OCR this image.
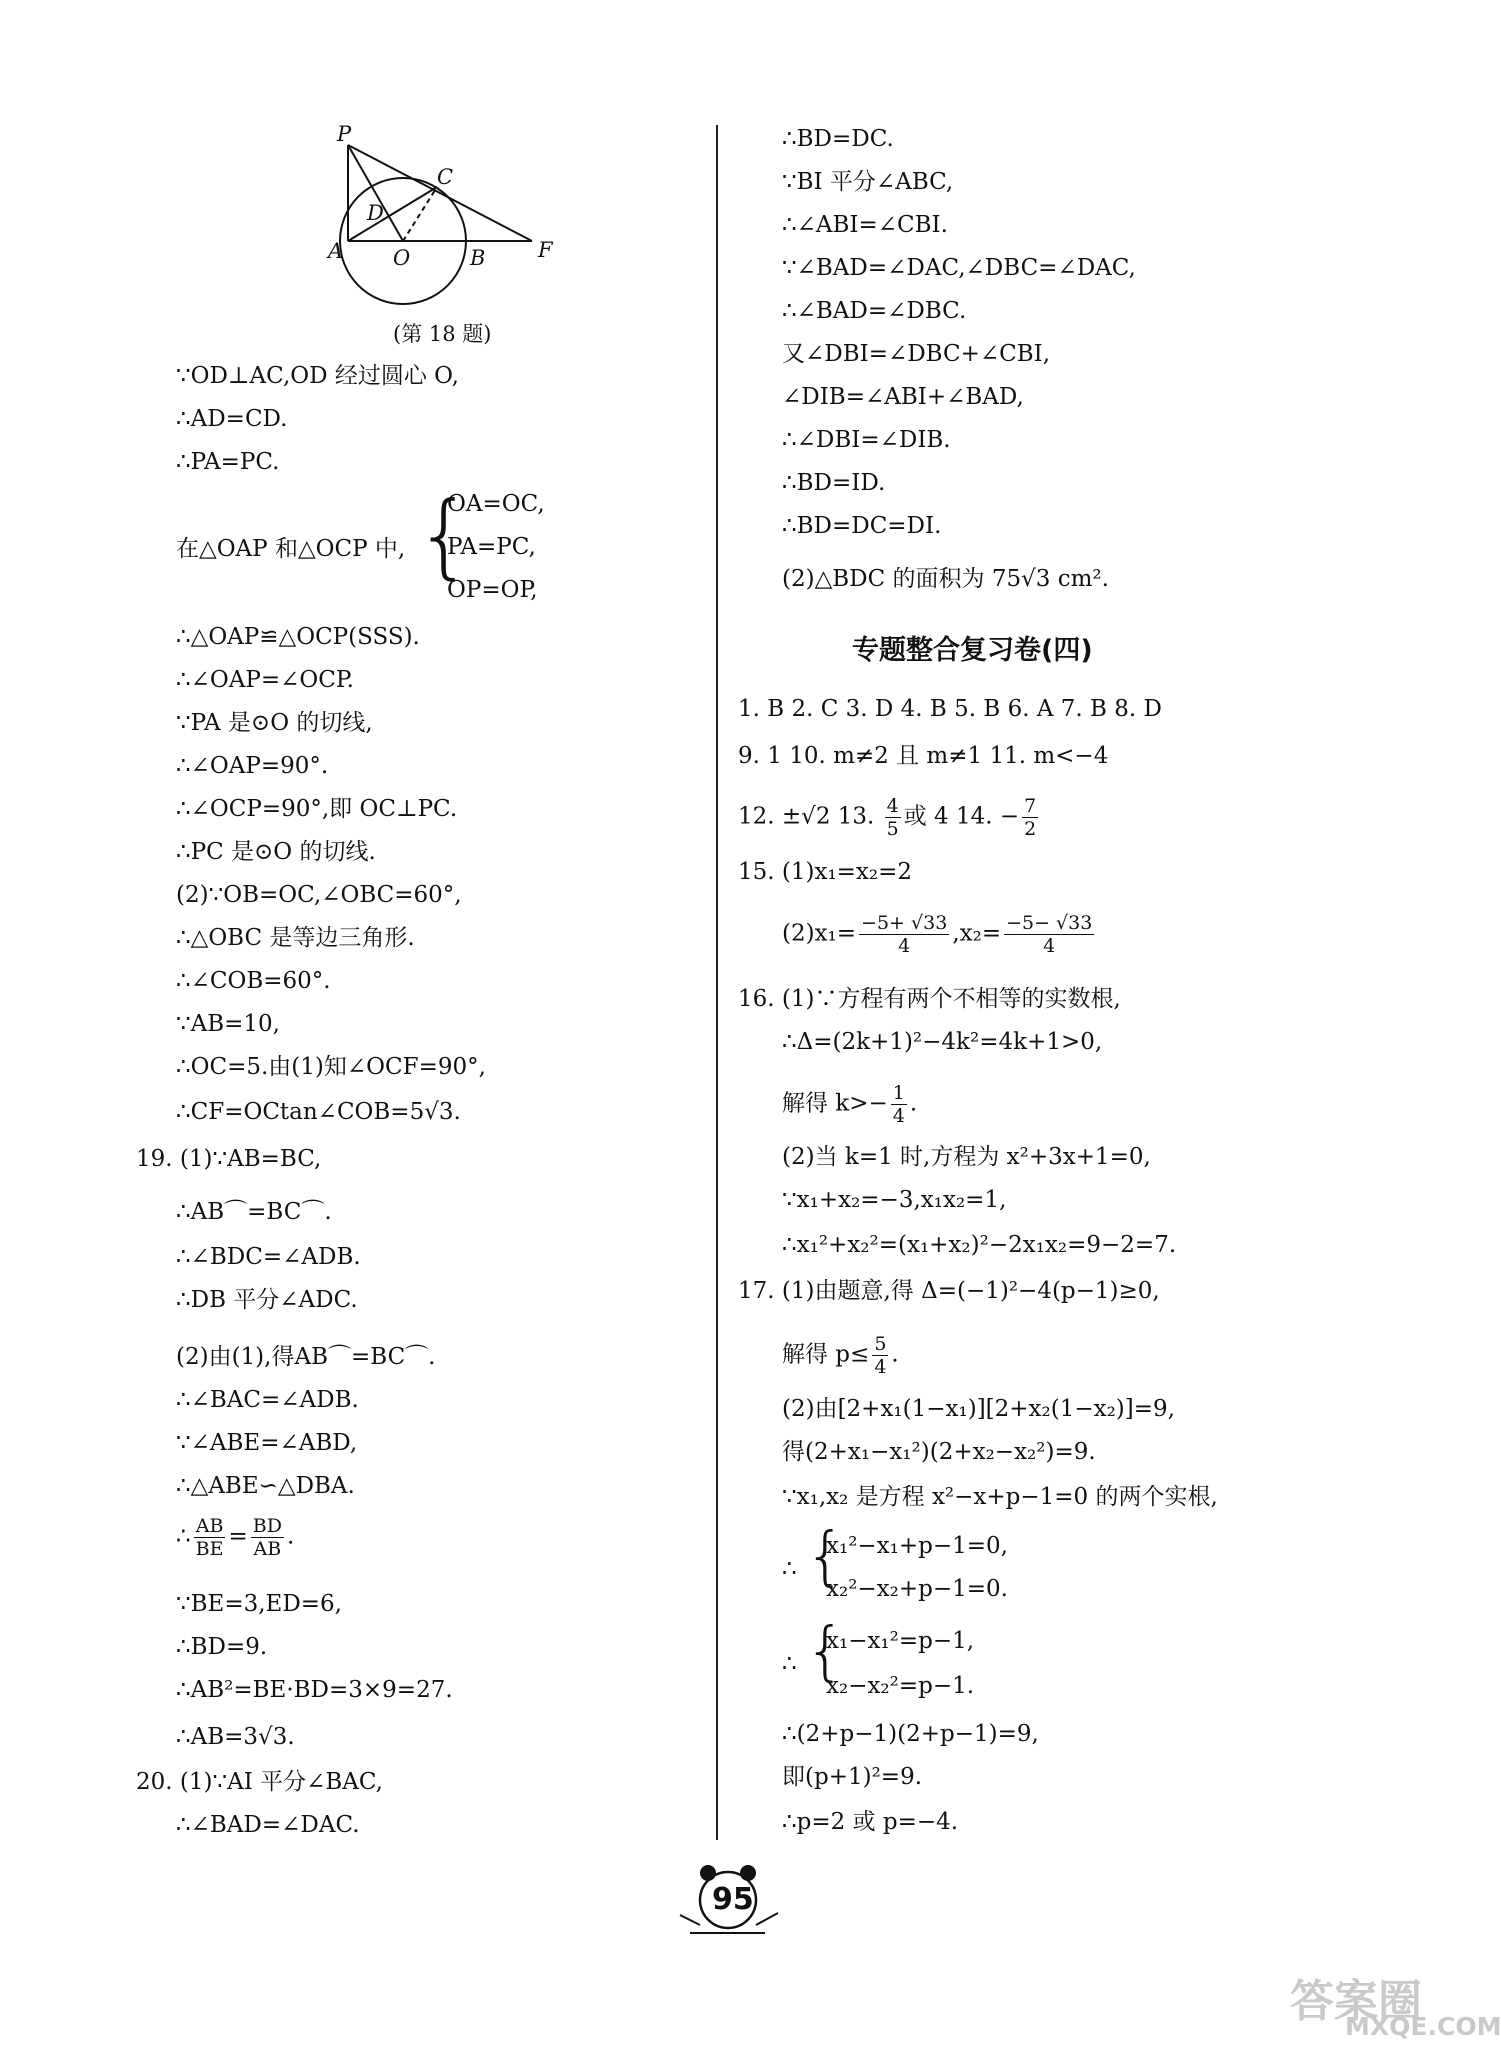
P
C
D
A O	B	F
(第 18 题)
∵OD⊥AC,OD 经过圆心 O,
∴AD=CD.
∴PA=PC.
在△OAP 和△OCP 中, {
OA=OC,
PA=PC,
OP=OP,
∴△OAP≌△OCP(SSS).
∴∠OAP=∠OCP.
∵PA 是⊙O 的切线,
∴∠OAP=90°.
∴∠OCP=90°,即 OC⊥PC.
∴PC 是⊙O 的切线.
(2)∵OB=OC,∠OBC=60°,
∴△OBC 是等边三角形.
∴∠COB=60°.
∵AB=10,
∴OC=5.由(1)知∠OCF=90°,
∴CF=OCtan∠COB=5√3.
19. (1)∵AB=BC,
∴AB⌒=BC⌒.
∴∠BDC=∠ADB.
∴DB 平分∠ADC.
(2)由(1),得AB⌒=BC⌒.
∴∠BAC=∠ADB.
∵∠ABE=∠ABD,
∴△ABE∽△DBA.
∴ $\frac{AB}{BE} = \frac{BD}{AB}$ .
∵BE=3,ED=6,
∴BD=9.
∴AB²=BE·BD=3×9=27.
∴AB=3√3.
20. (1)∵AI 平分∠BAC,
∴∠BAD=∠DAC.
∴BD=DC.
∵BI 平分∠ABC,
∴∠ABI=∠CBI.
∵∠BAD=∠DAC,∠DBC=∠DAC,
∴∠BAD=∠DBC.
又∠DBI=∠DBC+∠CBI,
∠DIB=∠ABI+∠BAD,
∴∠DBI=∠DIB.
∴BD=ID.
∴BD=DC=DI.
(2)△BDC 的面积为 75√3 cm².
专题整合复习卷(四)
1. B 2. C 3. D 4. B 5. B 6. A 7. B 8. D
9. 1 10. m≠2 且 m≠1 11. m<−4
12. ±√2 13. $\frac{4}{5}$ 或 4 14. − $\frac{7}{2}$
15. (1)x₁=x₂=2
$(2)x_1= \frac{-5+ √33}{4} ,x_2= \frac{-5- √33}{4}$
16. (1)∵方程有两个不相等的实数根,
∴Δ=(2k+1)²−4k²=4k+1>0,
解得 $k>- \frac{1}{4}$ .
(2)当 k=1 时,方程为 x²+3x+1=0,
∵x₁+x₂=−3,x₁x₂=1,
∴x₁²+x₂²=(x₁+x₂)²−2x₁x₂=9−2=7.
17. (1)由题意,得 Δ=(−1)²−4(p−1)≥0,
解得 $p\le \frac{5}{4}$ .
(2)由[2+x₁(1−x₁)][2+x₂(1−x₂)]=9,
得(2+x₁−x₁²)(2+x₂−x₂²)=9.
∵x₁,x₂ 是方程 x²−x+p−1=0 的两个实根,
∴ {
x₁²−x₁+p−1=0,
x₂²−x₂+p−1=0.
∴ {
x₁−x₁²=p−1,
x₂−x₂²=p−1.
∴(2+p−1)(2+p−1)=9,
即(p+1)²=9.
∴p=2 或 p=−4.
95
答案圈
MXQE.COM
